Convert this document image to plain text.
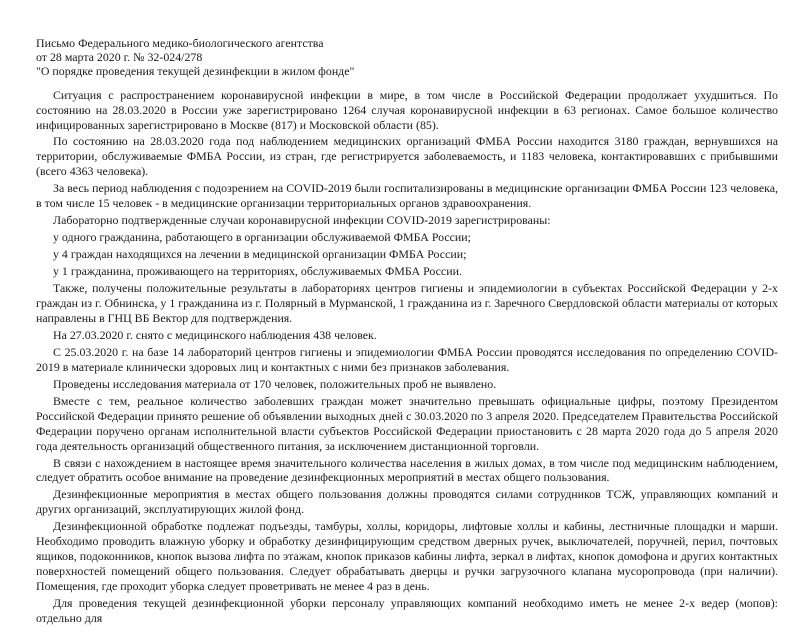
Письмо Федерального медико-биологического агентства
от 28 марта 2020 г. № 32-024/278
"О порядке проведения текущей дезинфекции в жилом фонде"

Ситуация с распространением коронавирусной инфекции в мире, в том числе в Российской Федерации продолжает ухудшиться. По состоянию на 28.03.2020 в России уже зарегистрировано 1264 случая коронавирусной инфекции в 63 регионах. Самое большое количество инфицированных зарегистрировано в Москве (817) и Московской области (85).

По состоянию на 28.03.2020 года под наблюдением медицинских организаций ФМБА России находится 3180 граждан, вернувшихся на территории, обслуживаемые ФМБА России, из стран, где регистрируется заболеваемость, и 1183 человека, контактировавших с прибывшими (всего 4363 человека).

За весь период наблюдения с подозрением на COVID-2019 были госпитализированы в медицинские организации ФМБА России 123 человека, в том числе 15 человек - в медицинские организации территориальных органов здравоохранения.

Лабораторно подтвержденные случаи коронавирусной инфекции COVID-2019 зарегистрированы:

у одного гражданина, работающего в организации обслуживаемой ФМБА России;

у 4 граждан находящихся на лечении в медицинской организации ФМБА России;

у 1 гражданина, проживающего на территориях, обслуживаемых ФМБА России.

Также, получены положительные результаты в лабораториях центров гигиены и эпидемиологии в субъектах Российской Федерации у 2-х граждан из г. Обнинска, у 1 гражданина из г. Полярный в Мурманской, 1 гражданина из г. Заречного Свердловской области материалы от которых направлены в ГНЦ ВБ Вектор для подтверждения.

На 27.03.2020 г. снято с медицинского наблюдения 438 человек.

С 25.03.2020 г. на базе 14 лабораторий центров гигиены и эпидемиологии ФМБА России проводятся исследования по определению COVID-2019 в материале клинически здоровых лиц и контактных с ними без признаков заболевания.

Проведены исследования материала от 170 человек, положительных проб не выявлено.

Вместе с тем, реальное количество заболевших граждан может значительно превышать официальные цифры, поэтому Президентом Российской Федерации принято решение об объявлении выходных дней с 30.03.2020 по 3 апреля 2020. Председателем Правительства Российской Федерации поручено органам исполнительной власти субъектов Российской Федерации приостановить с 28 марта 2020 года до 5 апреля 2020 года деятельность организаций общественного питания, за исключением дистанционной торговли.

В связи с нахождением в настоящее время значительного количества населения в жилых домах, в том числе под медицинским наблюдением, следует обратить особое внимание на проведение дезинфекционных мероприятий в местах общего пользования.

Дезинфекционные мероприятия в местах общего пользования должны проводятся силами сотрудников ТСЖ, управляющих компаний и других организаций, эксплуатирующих жилой фонд.

Дезинфекционной обработке подлежат подъезды, тамбуры, холлы, коридоры, лифтовые холлы и кабины, лестничные площадки и марши. Необходимо проводить влажную уборку и обработку дезинфицирующим средством дверных ручек, выключателей, поручней, перил, почтовых ящиков, подоконников, кнопок вызова лифта по этажам, кнопок приказов кабины лифта, зеркал в лифтах, кнопок домофона и других контактных поверхностей помещений общего пользования. Следует обрабатывать дверцы и ручки загрузочного клапана мусоропровода (при наличии). Помещения, где проходит уборка следует проветривать не менее 4 раз в день.

Для проведения текущей дезинфекционной уборки персоналу управляющих компаний необходимо иметь не менее 2-х ведер (мопов): отдельно для
